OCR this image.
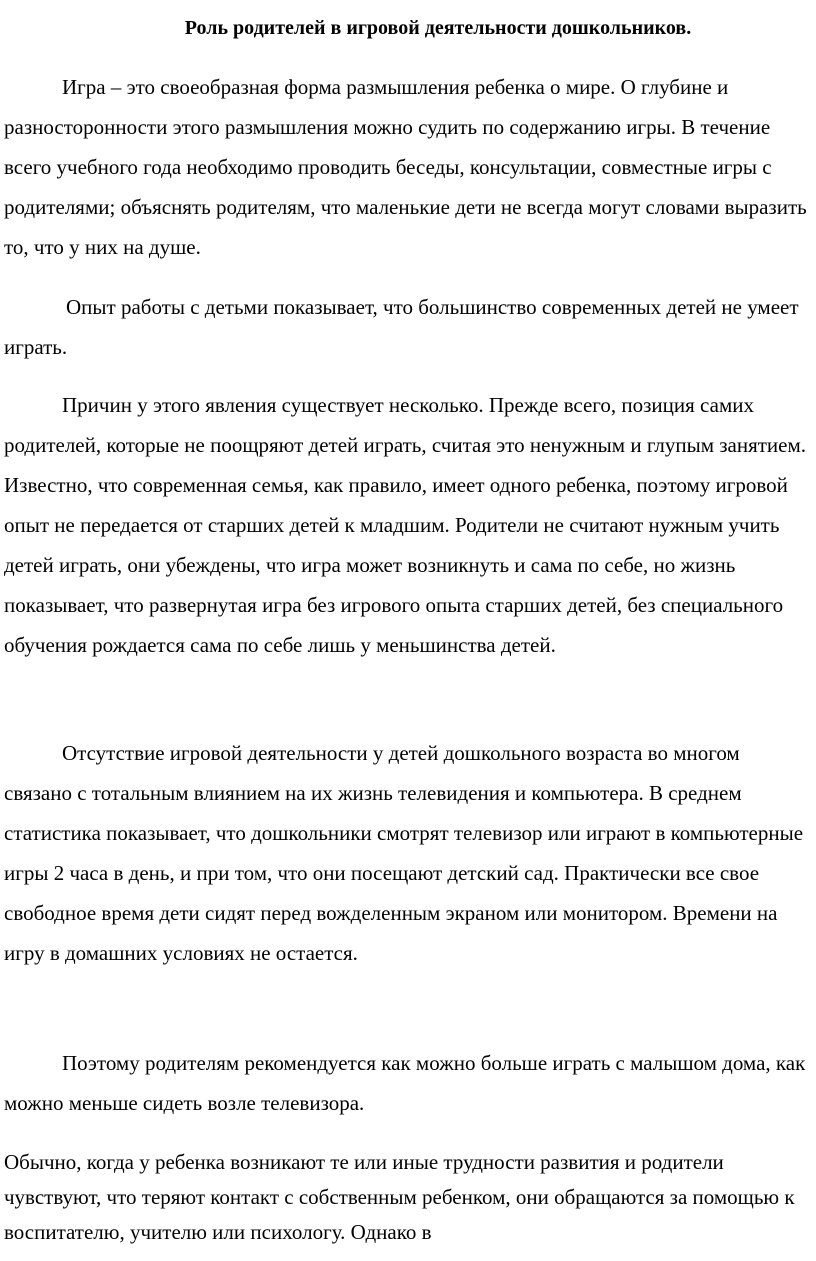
Роль родителей в игровой деятельности дошкольников.

Игра – это своеобразная форма размышления ребенка о мире. О глубине и разносторонности этого размышления можно судить по содержанию игры. В течение всего учебного года необходимо проводить беседы, консультации, совместные игры с родителями; объяснять родителям, что маленькие дети не всегда могут словами выразить то, что у них на душе.

Опыт работы с детьми показывает, что большинство современных детей не умеет играть.

Причин у этого явления существует несколько. Прежде всего, позиция самих родителей, которые не поощряют детей играть, считая это ненужным и глупым занятием. Известно, что современная семья, как правило, имеет одного ребенка, поэтому игровой опыт не передается от старших детей к младшим. Родители не считают нужным учить детей играть, они убеждены, что игра может возникнуть и сама по себе, но жизнь показывает, что развернутая игра без игрового опыта старших детей, без специального обучения рождается сама по себе лишь у меньшинства детей.

Отсутствие игровой деятельности у детей дошкольного возраста во многом связано с тотальным влиянием на их жизнь телевидения и компьютера. В среднем статистика показывает, что дошкольники смотрят телевизор или играют в компьютерные игры 2 часа в день, и при том, что они посещают детский сад. Практически все свое свободное время дети сидят перед вожделенным экраном или монитором. Времени на игру в домашних условиях не остается.

Поэтому родителям рекомендуется как можно больше играть с малышом дома, как можно меньше сидеть возле телевизора.

Обычно, когда у ребенка возникают те или иные трудности развития и родители чувствуют, что теряют контакт с собственным ребенком, они обращаются за помощью к воспитателю, учителю или психологу. Однако в
